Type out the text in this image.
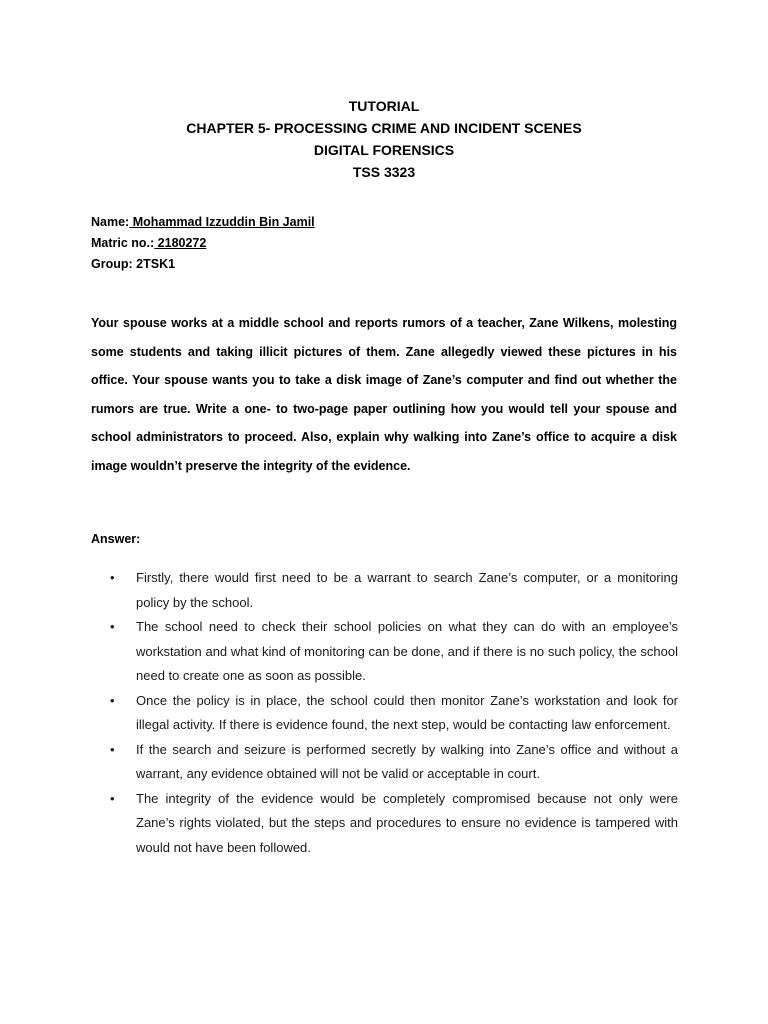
TUTORIAL
CHAPTER 5- PROCESSING CRIME AND INCIDENT SCENES
DIGITAL FORENSICS
TSS 3323
Name: Mohammad Izzuddin Bin Jamil
Matric no.: 2180272
Group: 2TSK1
Your spouse works at a middle school and reports rumors of a teacher, Zane Wilkens, molesting some students and taking illicit pictures of them. Zane allegedly viewed these pictures in his office. Your spouse wants you to take a disk image of Zane’s computer and find out whether the rumors are true. Write a one- to two-page paper outlining how you would tell your spouse and school administrators to proceed. Also, explain why walking into Zane’s office to acquire a disk image wouldn’t preserve the integrity of the evidence.
Answer:
• Firstly, there would first need to be a warrant to search Zane’s computer, or a monitoring policy by the school.
• The school need to check their school policies on what they can do with an employee’s workstation and what kind of monitoring can be done, and if there is no such policy, the school need to create one as soon as possible.
• Once the policy is in place, the school could then monitor Zane’s workstation and look for illegal activity. If there is evidence found, the next step, would be contacting law enforcement.
• If the search and seizure is performed secretly by walking into Zane’s office and without a warrant, any evidence obtained will not be valid or acceptable in court.
• The integrity of the evidence would be completely compromised because not only were Zane’s rights violated, but the steps and procedures to ensure no evidence is tampered with would not have been followed.
